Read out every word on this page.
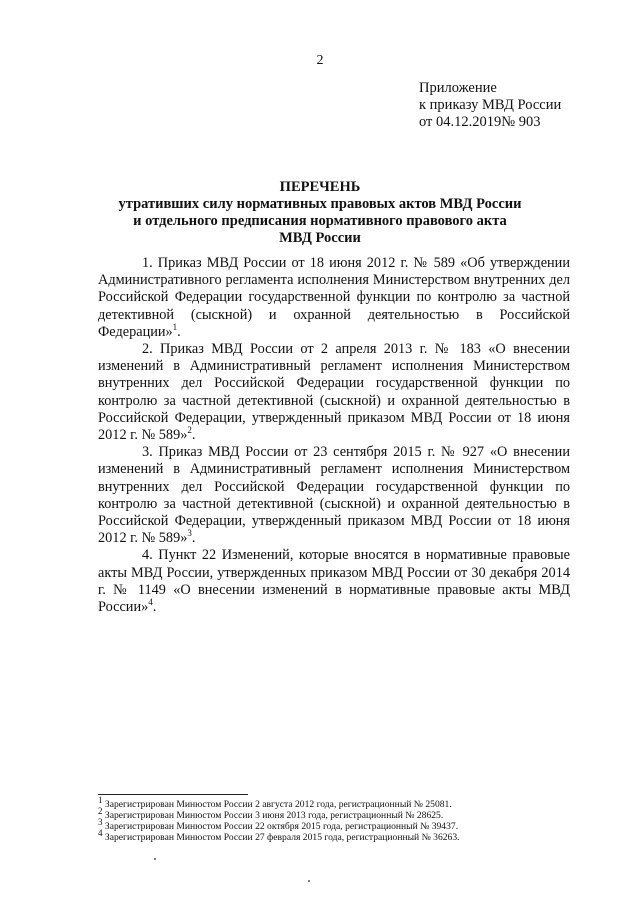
2
Приложение
к приказу МВД России
от 04.12.2019№ 903
ПЕРЕЧЕНЬ
утративших силу нормативных правовых актов МВД России
и отдельного предписания нормативного правового акта
МВД России

1. Приказ МВД России от 18 июня 2012 г. № 589 «Об утверждении Административного регламента исполнения Министерством внутренних дел Российской Федерации государственной функции по контролю за частной детективной (сыскной) и охранной деятельностью в Российской Федерации»$^1$.

2. Приказ МВД России от 2 апреля 2013 г. № 183 «О внесении изменений в Административный регламент исполнения Министерством внутренних дел Российской Федерации государственной функции по контролю за частной детективной (сыскной) и охранной деятельностью в Российской Федерации, утвержденный приказом МВД России от 18 июня 2012 г. № 589»$^2$.

3. Приказ МВД России от 23 сентября 2015 г. № 927 «О внесении изменений в Административный регламент исполнения Министерством внутренних дел Российской Федерации государственной функции по контролю за частной детективной (сыскной) и охранной деятельностью в Российской Федерации, утвержденный приказом МВД России от 18 июня 2012 г. № 589»$^3$.

4. Пункт 22 Изменений, которые вносятся в нормативные правовые акты МВД России, утвержденных приказом МВД России от 30 декабря 2014 г. № 1149 «О внесении изменений в нормативные правовые акты МВД России»$^4$.

$^1$ Зарегистрирован Минюстом России 2 августа 2012 года, регистрационный № 25081.
$^2$ Зарегистрирован Минюстом России 3 июня 2013 года, регистрационный № 28625.
$^3$ Зарегистрирован Минюстом России 22 октября 2015 года, регистрационный № 39437.
$^4$ Зарегистрирован Минюстом России 27 февраля 2015 года, регистрационный № 36263.
